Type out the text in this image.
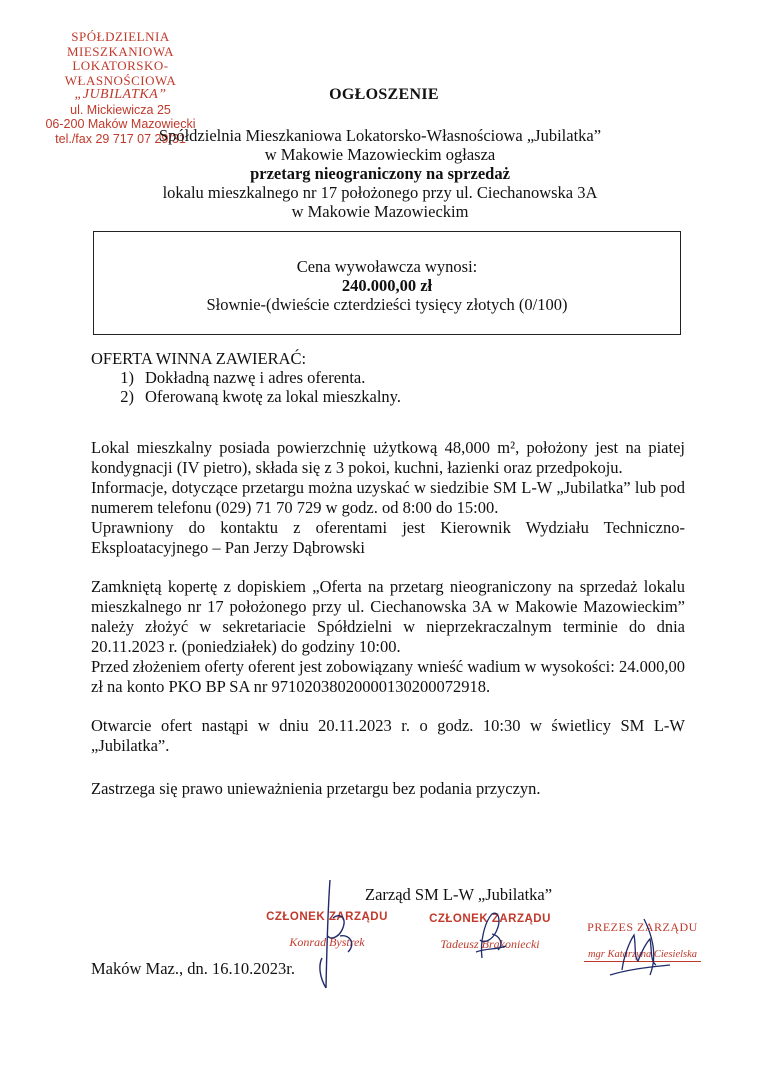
SPÓŁDZIELNIA MIESZKANIOWA
LOKATORSKO-WŁASNOŚCIOWA
„JUBILATKA”
ul. Mickiewicza 25
06-200 Maków Mazowiecki
tel./fax 29 717 07 29/31
OGŁOSZENIE
Spółdzielnia Mieszkaniowa Lokatorsko-Własnościowa „Jubilatka”
w Makowie Mazowieckim ogłasza
przetarg nieograniczony na sprzedaż
lokalu mieszkalnego nr 17 położonego przy ul. Ciechanowska 3A
w Makowie Mazowieckim
Cena wywoławcza wynosi:
240.000,00 zł
Słownie-(dwieście czterdzieści tysięcy złotych (0/100)
OFERTA WINNA ZAWIERAĆ:
1) Dokładną nazwę i adres oferenta.
2) Oferowaną kwotę za lokal mieszkalny.

Lokal mieszkalny posiada powierzchnię użytkową 48,000 m², położony jest na piatej kondygnacji (IV pietro), składa się z 3 pokoi, kuchni, łazienki oraz przedpokoju.

Informacje, dotyczące przetargu można uzyskać w siedzibie SM L-W „Jubilatka” lub pod numerem telefonu (029) 71 70 729 w godz. od 8:00 do 15:00.

Uprawniony do kontaktu z oferentami jest Kierownik Wydziału Techniczno-Eksploatacyjnego – Pan Jerzy Dąbrowski

Zamkniętą kopertę z dopiskiem „Oferta na przetarg nieograniczony na sprzedaż lokalu mieszkalnego nr 17 położonego przy ul. Ciechanowska 3A w Makowie Mazowieckim” należy złożyć w sekretariacie Spółdzielni w nieprzekraczalnym terminie do dnia 20.11.2023 r. (poniedziałek) do godziny 10:00.

Przed złożeniem oferty oferent jest zobowiązany wnieść wadium w wysokości: 24.000,00 zł na konto PKO BP SA nr 97102038020000130200072918.

Otwarcie ofert nastąpi w dniu 20.11.2023 r. o godz. 10:30 w świetlicy SM L-W „Jubilatka”.

Zastrzega się prawo unieważnienia przetargu bez podania przyczyn.

Zarząd SM L-W „Jubilatka”
Maków Maz., dn. 16.10.2023r.
CZŁONEK ZARZĄDU
Konrad Bystrek
CZŁONEK ZARZĄDU
Tadeusz Brakoniecki
PREZES ZARZĄDU
mgr Katarzyna Ciesielska
